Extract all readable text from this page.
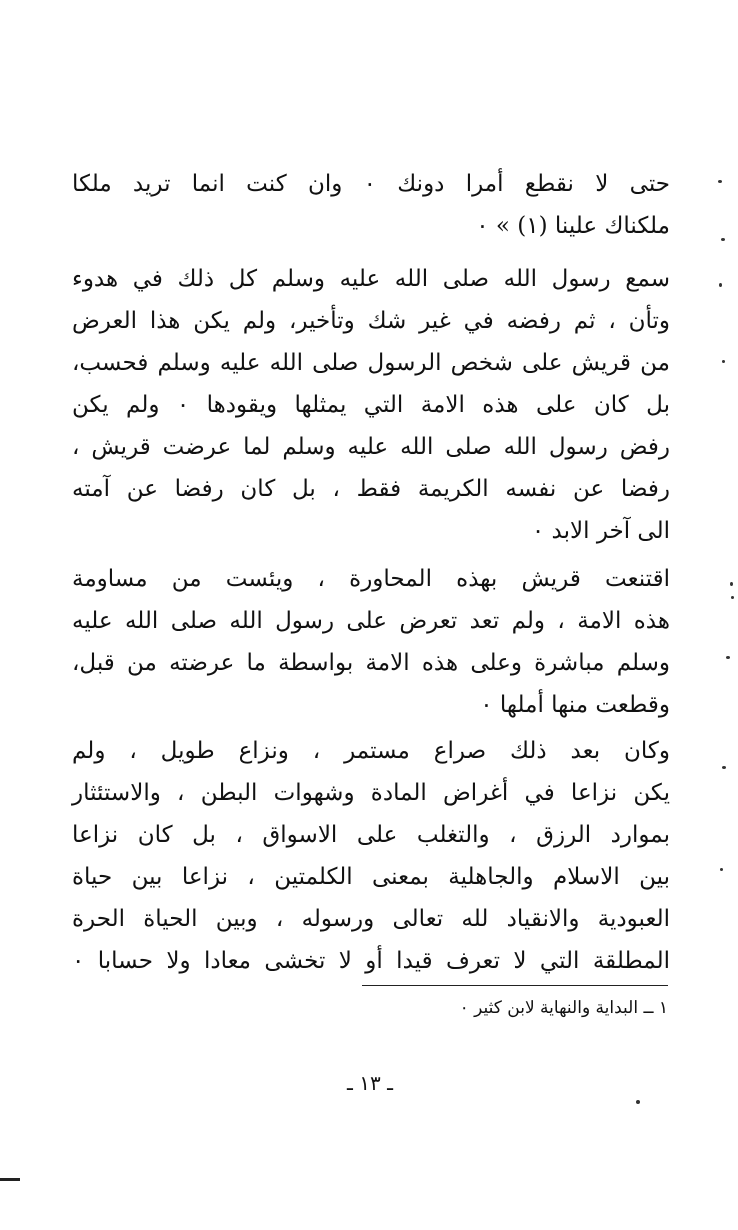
حتى لا نقطع أمرا دونك ٠ وان كنت انما تريد ملكا
ملكناك علينا (١) » ٠
سمع رسول الله صلى الله عليه وسلم كل ذلك في هدوء
وتأن ، ثم رفضه في غير شك وتأخير، ولم يكن هذا العرض
من قريش على شخص الرسول صلى الله عليه وسلم فحسب،
بل كان على هذه الامة التي يمثلها ويقودها ٠ ولم يكن
رفض رسول الله صلى الله عليه وسلم لما عرضت قريش ،
رفضا عن نفسه الكريمة فقط ، بل كان رفضا عن آمته
الى آخر الابد ٠
اقتنعت قريش بهذه المحاورة ، ويئست من مساومة
هذه الامة ، ولم تعد تعرض على رسول الله صلى الله عليه
وسلم مباشرة وعلى هذه الامة بواسطة ما عرضته من قبل،
وقطعت منها أملها ٠
وكان بعد ذلك صراع مستمر ، ونزاع طويل ، ولم
يكن نزاعا في أغراض المادة وشهوات البطن ، والاستئثار
بموارد الرزق ، والتغلب على الاسواق ، بل كان نزاعا
بين الاسلام والجاهلية بمعنى الكلمتين ، نزاعا بين حياة
العبودية والانقياد لله تعالى ورسوله ، وبين الحياة الحرة
المطلقة التي لا تعرف قيدا أو لا تخشى معادا ولا حسابا ٠
١ ــ البداية والنهاية لابن كثير ٠
ـ ١٣ ـ
